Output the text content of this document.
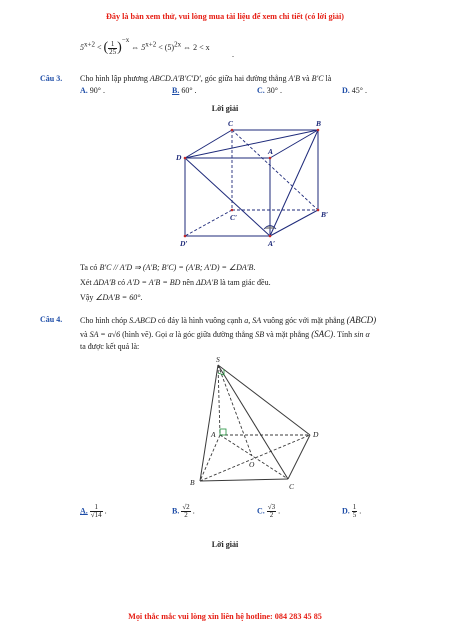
Đây là bản xem thử, vui lòng mua tài liệu để xem chi tiết (có lời giải)
$5^{x+2}$ < ( $\frac{1}{25} )^{-x}$ ⇔ $5^{x+2} < (5)^{2x}$ ⇔ 2 < x
.
Câu 3. Cho hình lập phương ABCD.A′B′C′D′, góc giữa hai đường thẳng A′B và B′C là
A. 90° .	B. 60° .	C. 30° .	D. 45° .
Lời giải
C	B
D
A
C′	B′
D′	A′
Ta có B′C // A′D ⇒ (A′B; B′C) = (A′B; A′D) = ∠DA′B.
Xét ΔDA′B có A′D = A′B = BD nên ΔDA′B là tam giác đều.
Vậy ∠DA′B = 60°.
Câu 4. Cho hình chóp S.ABCD có đáy là hình vuông cạnh a, SA vuông góc với mặt phẳng (ABCD)
và SA = a√6 (hình vẽ). Gọi α là góc giữa đường thẳng SB và mặt phẳng (SAC). Tính sin α
ta được kết quả là:
S
A	D
O
B	C
A. $\frac{1}{√14}$ .	B. $\frac{√2}{2}$ .	C. $\frac{√3}{2}$ .	D. $\frac{1}{5}$ .
Lời giải
Mọi thắc mắc vui lòng xin liên hệ hotline: 084 283 45 85
